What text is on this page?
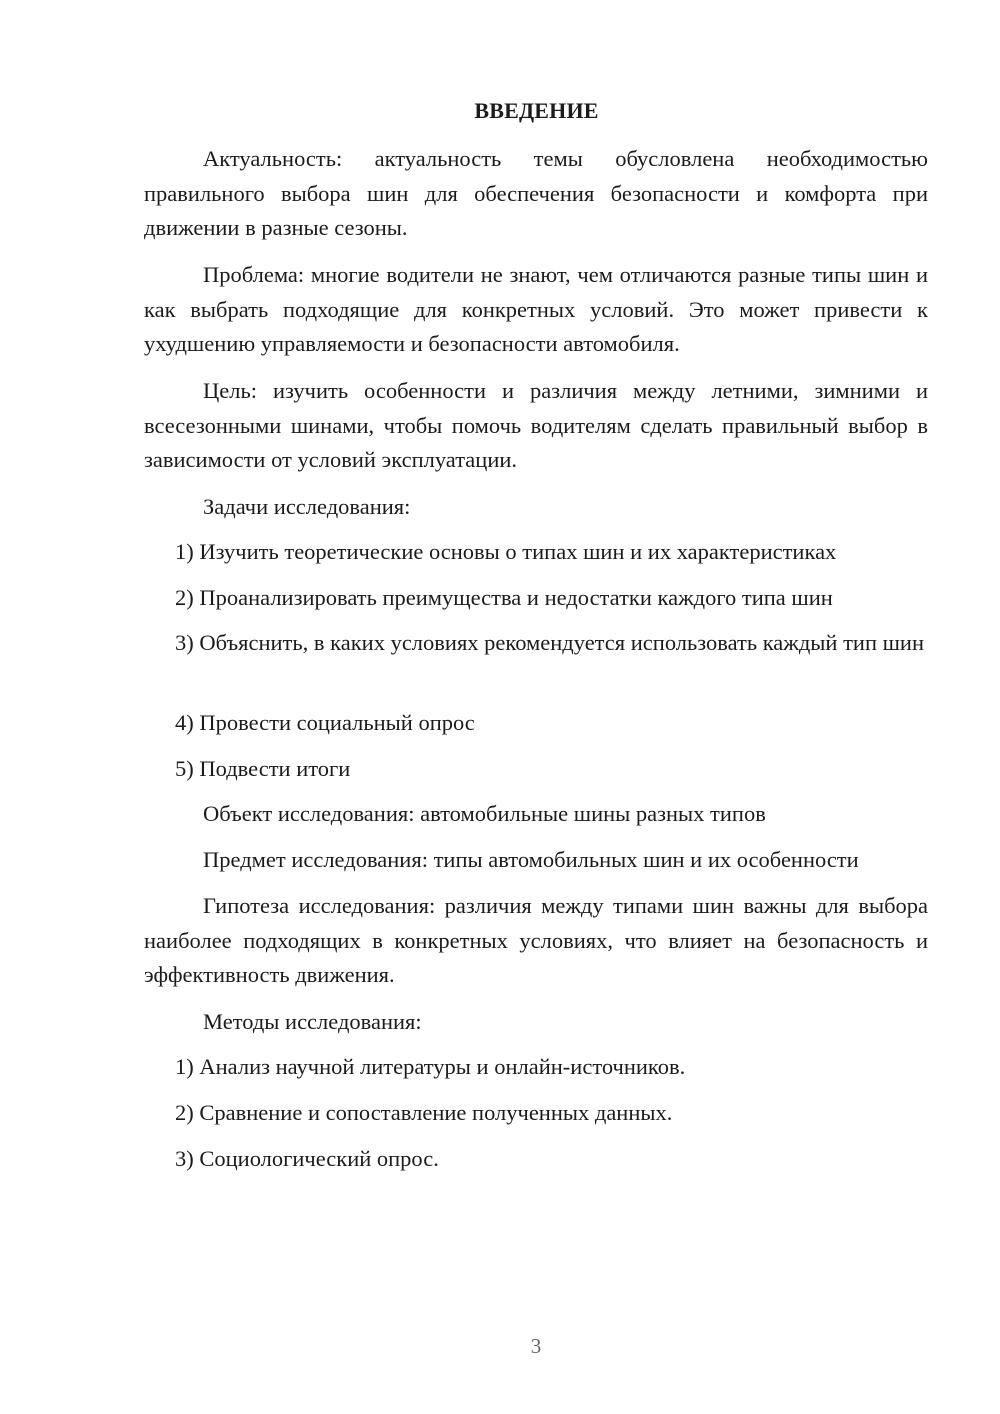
ВВЕДЕНИЕ

Актуальность: актуальность темы обусловлена необходимостью правильного выбора шин для обеспечения безопасности и комфорта при движении в разные сезоны.

Проблема: многие водители не знают, чем отличаются разные типы шин и как выбрать подходящие для конкретных условий. Это может привести к ухудшению управляемости и безопасности автомобиля.

Цель: изучить особенности и различия между летними, зимними и всесезонными шинами, чтобы помочь водителям сделать правильный выбор в зависимости от условий эксплуатации.

Задачи исследования:

1) Изучить теоретические основы о типах шин и их характеристиках

2) Проанализировать преимущества и недостатки каждого типа шин

3) Объяснить, в каких условиях рекомендуется использовать каждый тип шин

4) Провести социальный опрос

5) Подвести итоги

Объект исследования: автомобильные шины разных типов

Предмет исследования: типы автомобильных шин и их особенности

Гипотеза исследования: различия между типами шин важны для выбора наиболее подходящих в конкретных условиях, что влияет на безопасность и эффективность движения.

Методы исследования:

1) Анализ научной литературы и онлайн-источников.

2) Сравнение и сопоставление полученных данных.

3) Социологический опрос.

3
